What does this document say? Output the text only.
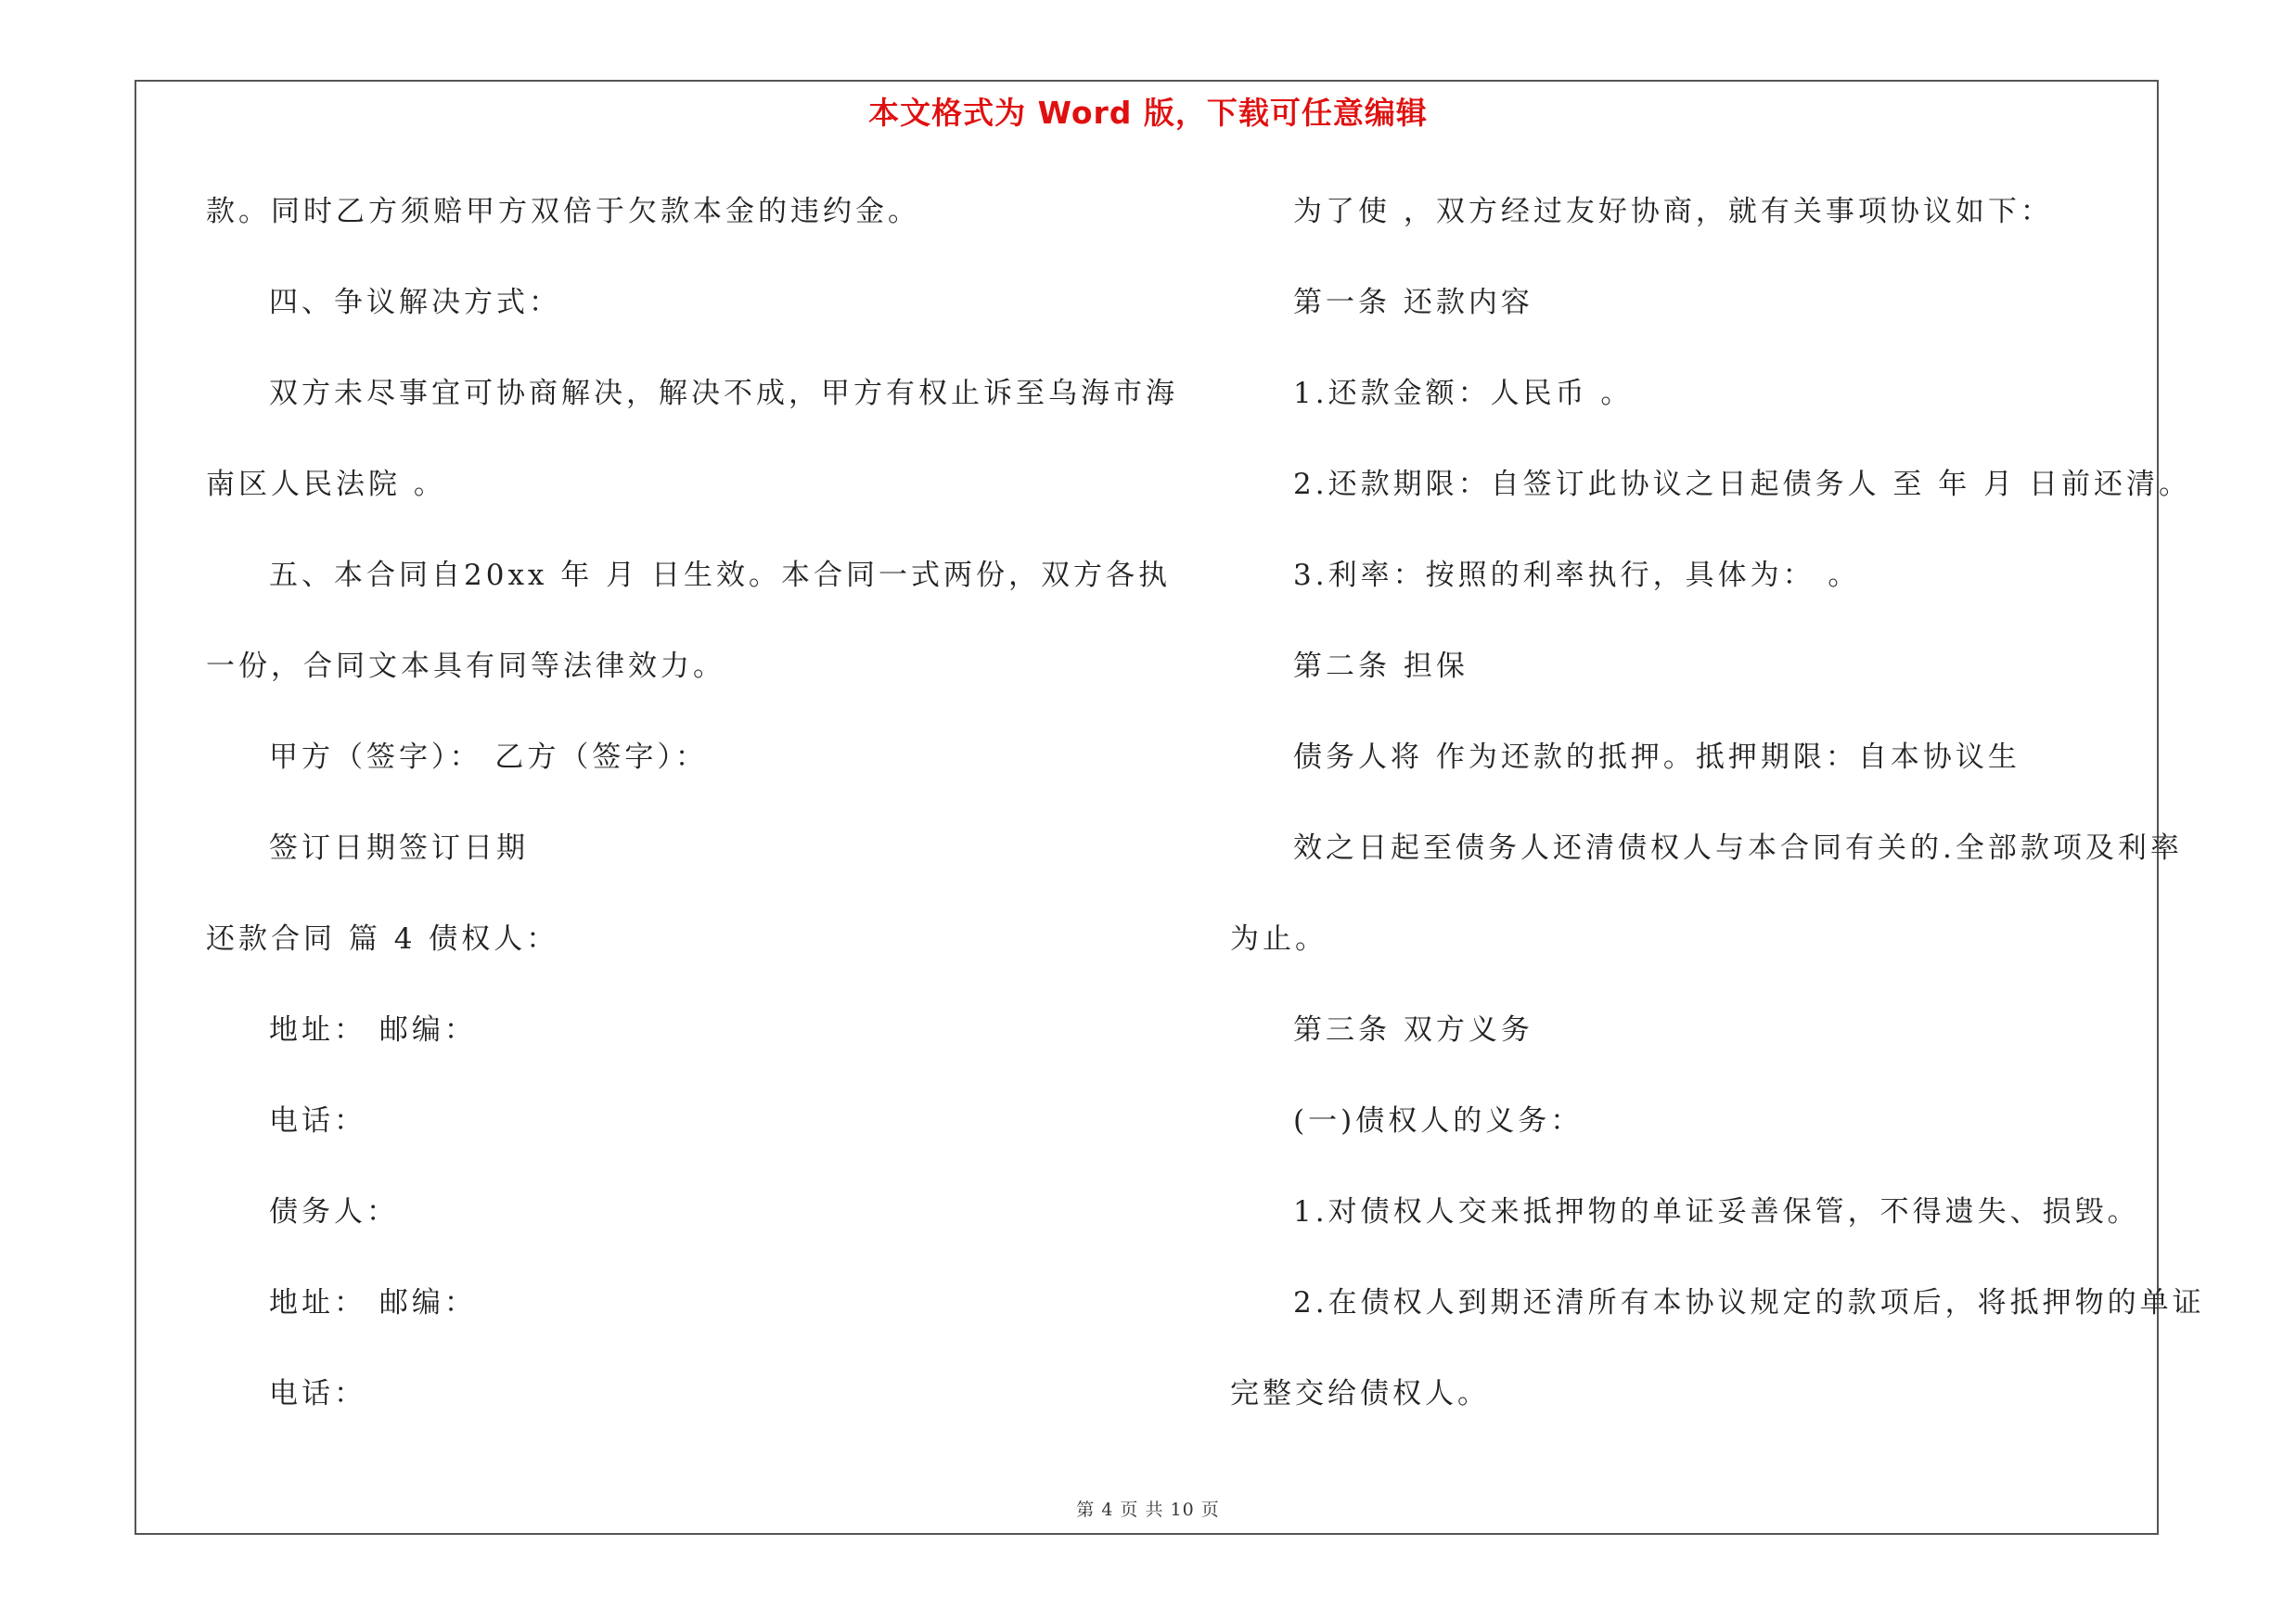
本文格式为 Word 版，下载可任意编辑
款。同时乙方须赔甲方双倍于欠款本金的违约金。
四、争议解决方式：
双方未尽事宜可协商解决，解决不成，甲方有权止诉至乌海市海
南区人民法院 。
五、本合同自20xx 年 月 日生效。本合同一式两份，双方各执
一份，合同文本具有同等法律效力。
甲方（签字）： 乙方（签字）：
签订日期签订日期
还款合同 篇 4 债权人：
地址： 邮编：
电话：
债务人：
地址： 邮编：
电话：
为了使 ，双方经过友好协商，就有关事项协议如下：
第一条 还款内容
1.还款金额：人民币 。
2.还款期限：自签订此协议之日起债务人 至 年 月 日前还清。
3.利率：按照的利率执行，具体为： 。
第二条 担保
债务人将 作为还款的抵押。抵押期限：自本协议生
效之日起至债务人还清债权人与本合同有关的.全部款项及利率
为止。
第三条 双方义务
(一)债权人的义务：
1.对债权人交来抵押物的单证妥善保管，不得遗失、损毁。
2.在债权人到期还清所有本协议规定的款项后，将抵押物的单证
完整交给债权人。
第 4 页 共 10 页
